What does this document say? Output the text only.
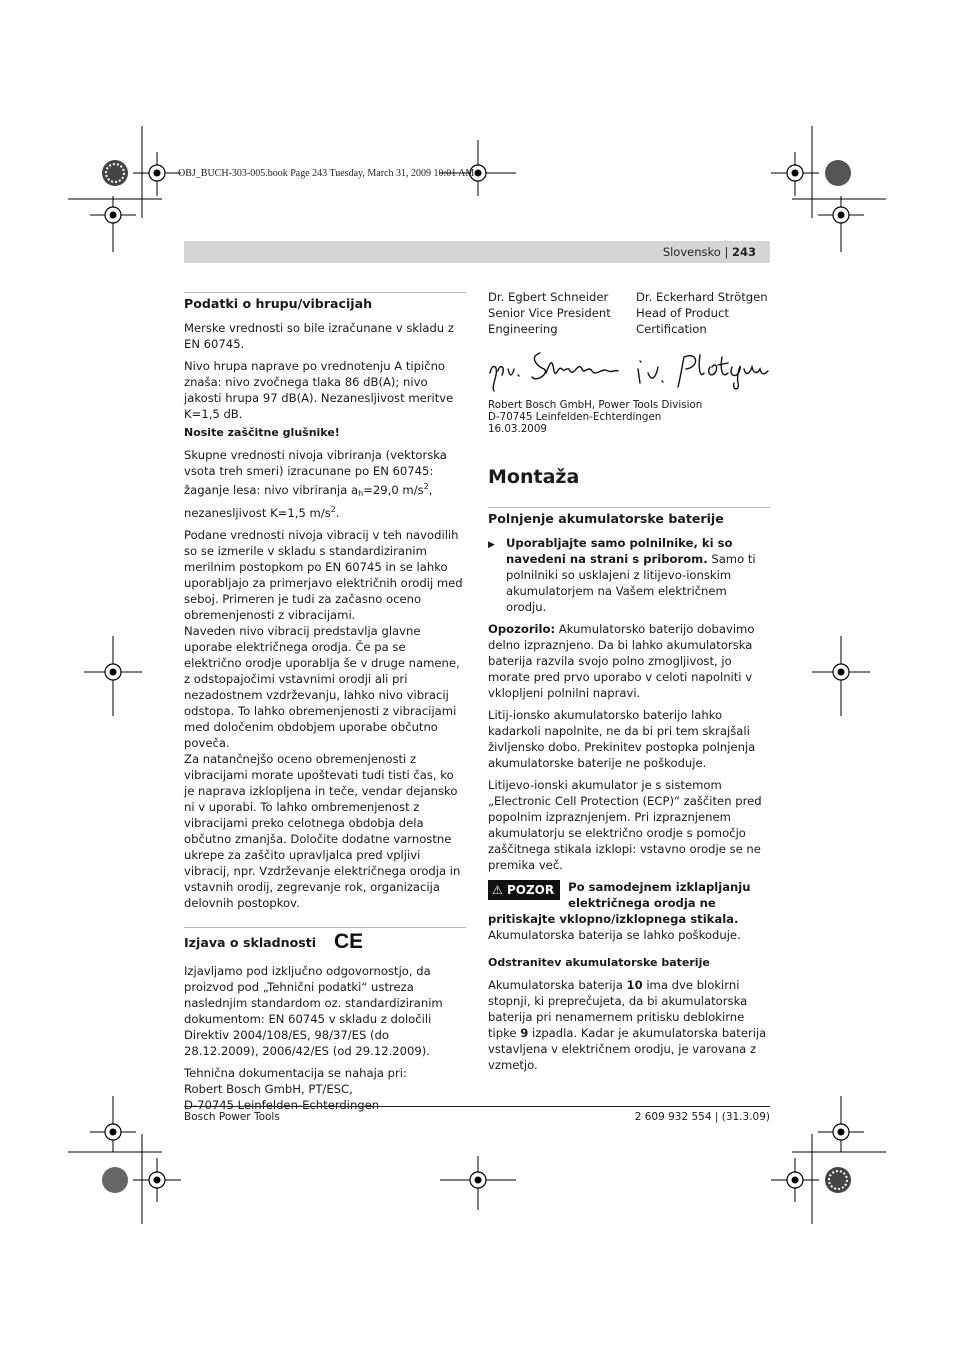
OBJ_BUCH-303-005.book Page 243 Tuesday, March 31, 2009 10:01 AM
Slovensko | 243
Podatki o hrupu/vibracijah

Merske vrednosti so bile izračunane v skladu z EN 60745.

Nivo hrupa naprave po vrednotenju A tipično znaša: nivo zvočnega tlaka 86 dB(A); nivo jakosti hrupa 97 dB(A). Nezanesljivost meritve K=1,5 dB.

Nosite zaščitne glušnike!

Skupne vrednosti nivoja vibriranja (vektorska vsota treh smeri) izracunane po EN 60745: žaganje lesa: nivo vibriranja $a_h=29,0$ $m/s^2$, nezanesljivost K=1,5 $m/s^2$.

Podane vrednosti nivoja vibracij v teh navodilih so se izmerile v skladu s standardiziranim merilnim postopkom po EN 60745 in se lahko uporabljajo za primerjavo električnih orodij med seboj. Primeren je tudi za začasno oceno obremenjenosti z vibracijami.

Naveden nivo vibracij predstavlja glavne uporabe električnega orodja. Če pa se električno orodje uporablja še v druge namene, z odstopajočimi vstavnimi orodji ali pri nezadostnem vzdrževanju, lahko nivo vibracij odstopa. To lahko obremenjenosti z vibracijami med določenim obdobjem uporabe občutno poveča.

Za natančnejšo oceno obremenjenosti z vibracijami morate upoštevati tudi tisti čas, ko je naprava izklopljena in teče, vendar dejansko ni v uporabi. To lahko ombremenjenost z vibracijami preko celotnega obdobja dela občutno zmanjša. Določite dodatne varnostne ukrepe za zaščito upravljalca pred vpljivi vibracij, npr. Vzdrževanje električnega orodja in vstavnih orodij, zegrevanje rok, organizacija delovnih postopkov.

Izjava o skladnosti CE

Izjavljamo pod izključno odgovornostjo, da proizvod pod „Tehnični podatki“ ustreza naslednjim standardom oz. standardiziranim dokumentom: EN 60745 v skladu z določili Direktiv 2004/108/ES, 98/37/ES (do 28.12.2009), 2006/42/ES (od 29.12.2009).

Tehnična dokumentacija se nahaja pri:
Robert Bosch GmbH, PT/ESC,
D-70745 Leinfelden-Echterdingen

Dr. Egbert Schneider
Senior Vice President
Engineering
Dr. Eckerhard Strötgen
Head of Product
Certification
Robert Bosch GmbH, Power Tools Division
D-70745 Leinfelden-Echterdingen
16.03.2009
Montaža
Polnjenje akumulatorske baterije
▶ Uporabljajte samo polnilnike, ki so navedeni na strani s priborom. Samo ti polnilniki so usklajeni z litijevo-ionskim akumulatorjem na Vašem električnem orodju.

Opozorilo: Akumulatorsko baterijo dobavimo delno izpraznjeno. Da bi lahko akumulatorska baterija razvila svojo polno zmogljivost, jo morate pred prvo uporabo v celoti napolniti v vklopljeni polnilni napravi.

Litij-ionsko akumulatorsko baterijo lahko kadarkoli napolnite, ne da bi pri tem skrajšali življensko dobo. Prekinitev postopka polnjenja akumulatorske baterije ne poškoduje.

Litijevo-ionski akumulator je s sistemom „Electronic Cell Protection (ECP)“ zaščiten pred popolnim izpraznjenjem. Pri izpraznjenem akumulatorju se električno orodje s pomočjo zaščitnega stikala izklopi: vstavno orodje se ne premika več.

⚠ POZOR	Po samodejnem izklapljanju električnega orodja ne pritiskajte vklopno/izklopnega stikala. Akumulatorska baterija se lahko poškoduje.

Odstranitev akumulatorske baterije

Akumulatorska baterija 10 ima dve blokirni stopnji, ki preprečujeta, da bi akumulatorska baterija pri nenamernem pritisku deblokirne tipke 9 izpadla. Kadar je akumulatorska baterija vstavljena v električnem orodju, je varovana z vzmetjo.

Bosch Power Tools	2 609 932 554 | (31.3.09)
